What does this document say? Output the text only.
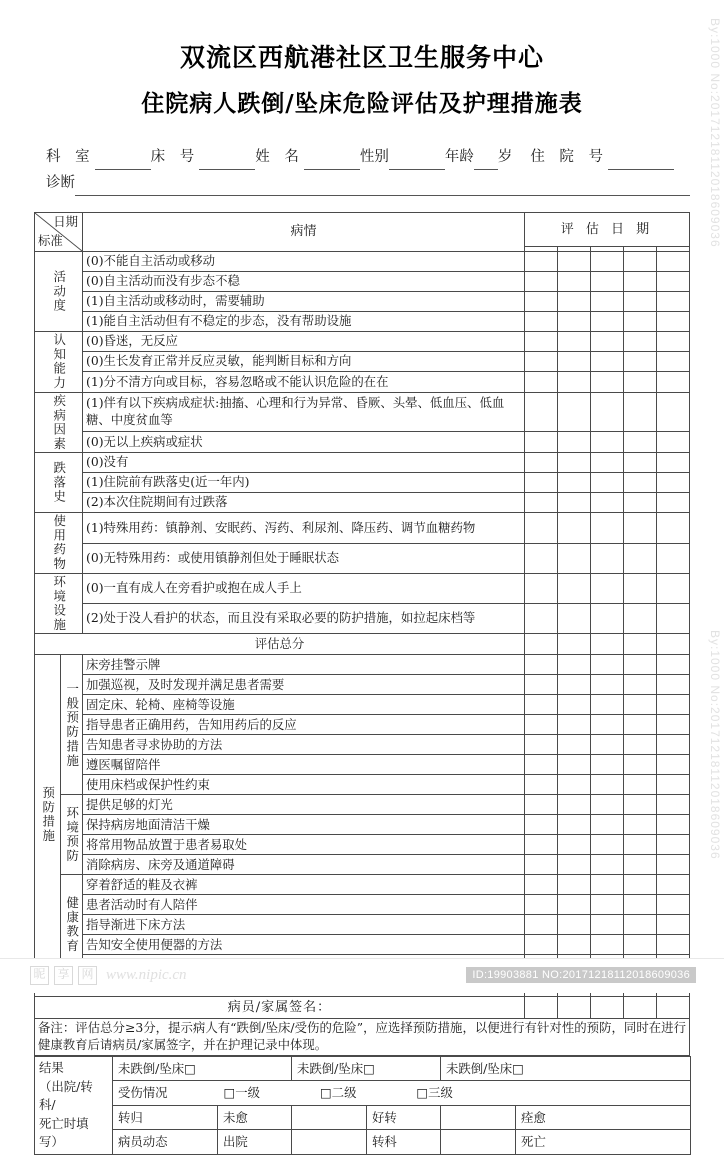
By:1000 No:20171218112018609036
By:1000 No:20171218112018609036
双流区西航港社区卫生服务中心
住院病人跌倒/坠床危险评估及护理措施表
科 室	床 号	姓 名	性别	年龄 岁 住 院 号
诊断
日期
标准		病情	评 估 日 期				

活动度		(0)不能自主活动或移动					
		(0)自主活动而没有步态不稳					
		(1)自主活动或移动时，需要辅助					
		(1)能自主活动但有不稳定的步态，没有帮助设施					

认知能力		(0)昏迷，无反应					
		(0)生长发育正常并反应灵敏，能判断目标和方向					
		(1)分不清方向或目标，容易忽略或不能认识危险的在在					

疾病因素		(1)伴有以下疾病成症状:抽搐、心理和行为异常、昏厥、头晕、低血压、低血糖、中度贫血等					
		(0)无以上疾病或症状					

跌落史		(0)没有					
		(1)住院前有跌落史(近一年内)					
		(2)本次住院期间有过跌落					

使用药物		(1)特殊用药：镇静剂、安眠药、泻药、利尿剂、降压药、调节血糖药物					
		(0)无特殊用药：或使用镇静剂但处于睡眠状态					

环境设施		(0)一直有成人在旁看护或抱在成人手上					
		(2)处于没人看护的状态，而且没有采取必要的防护措施，如拉起床档等					
评估总分							

预防措施	一般预防措施	床旁挂警示牌					
		加强巡视，及时发现并满足患者需要					
		固定床、轮椅、座椅等设施					
		指导患者正确用药，告知用药后的反应					
		告知患者寻求协助的方法					
		遵医嘱留陪伴					
		使用床档或保护性约束					

	环境预防	提供足够的灯光					
		保持病房地面清洁干燥					
		将常用物品放置于患者易取处					
		消除病房、床旁及通道障碍					

	健康教育	穿着舒适的鞋及衣裤					
		患者活动时有人陪伴					
		指导渐进下床方法					
		告知安全使用便器的方法					

病员/家属签名：							
备注：评估总分≥3分，提示病人有“跌倒/坠床/受伤的危险”，应选择预防措施，以便进行有针对性的预防，同时在进行健康教育后请病员/家属签字，并在护理记录中体现。							
结果
（出院/转科/
死亡时填写）	未跌倒/坠床□		未跌倒/坠床□		未跌倒/坠床□	
	受伤情况 □一级 □二级 □三级					
	转归	未愈		好转		痊愈
	病员动态	出院		转科		死亡
昵 享 网 www.nipic.cn	ID:19903881 NO:20171218112018609036
